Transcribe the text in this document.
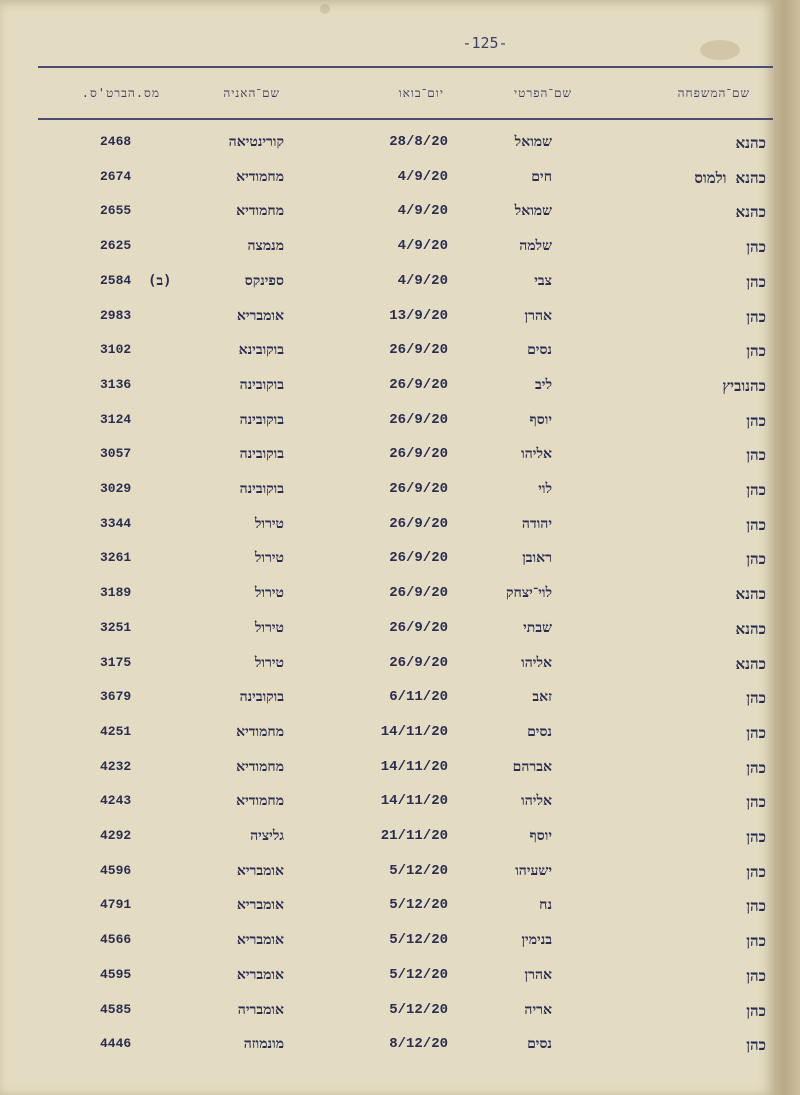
-125-
שם־המשפחה
שם־הפרטי
יום־בואו
שם־האניה
מס.הברט'ס.
כהנא
שמואל
28/8/20
קורינטיאה
2468
כהנא ולמוס
חים
4/9/20
מחמודיא
2674
כהנא
שמואל
4/9/20
מחמודיא
2655
כהן
שלמה
4/9/20
מנמצה
2625
כהן
צבי
4/9/20
ספינקס
2584 (ב)
כהן
אהרן
13/9/20
אומבריא
2983
כהן
נסים
26/9/20
בוקובינא
3102
כהנוביץ
ליב
26/9/20
בוקובינה
3136
כהן
יוסף
26/9/20
בוקובינה
3124
כהן
אליהו
26/9/20
בוקובינה
3057
כהן
לוי
26/9/20
בוקובינה
3029
כהן
יהודה
26/9/20
טירול
3344
כהן
ראובן
26/9/20
טירול
3261
כהנא
לוי־יצחק
26/9/20
טירול
3189
כהנא
שבתי
26/9/20
טירול
3251
כהנא
אליהו
26/9/20
טירול
3175
כהן
זאב
6/11/20
בוקובינה
3679
כהן
נסים
14/11/20
מחמודיא
4251
כהן
אברהם
14/11/20
מחמודיא
4232
כהן
אליהו
14/11/20
מחמודיא
4243
כהן
יוסף
21/11/20
גליציה
4292
כהן
ישעיהו
5/12/20
אומבריא
4596
כהן
נח
5/12/20
אומבריא
4791
כהן
בנימין
5/12/20
אומבריא
4566
כהן
אהרן
5/12/20
אומבריא
4595
כהן
אריה
5/12/20
אומבריה
4585
כהן
נסים
8/12/20
מונמוזה
4446
